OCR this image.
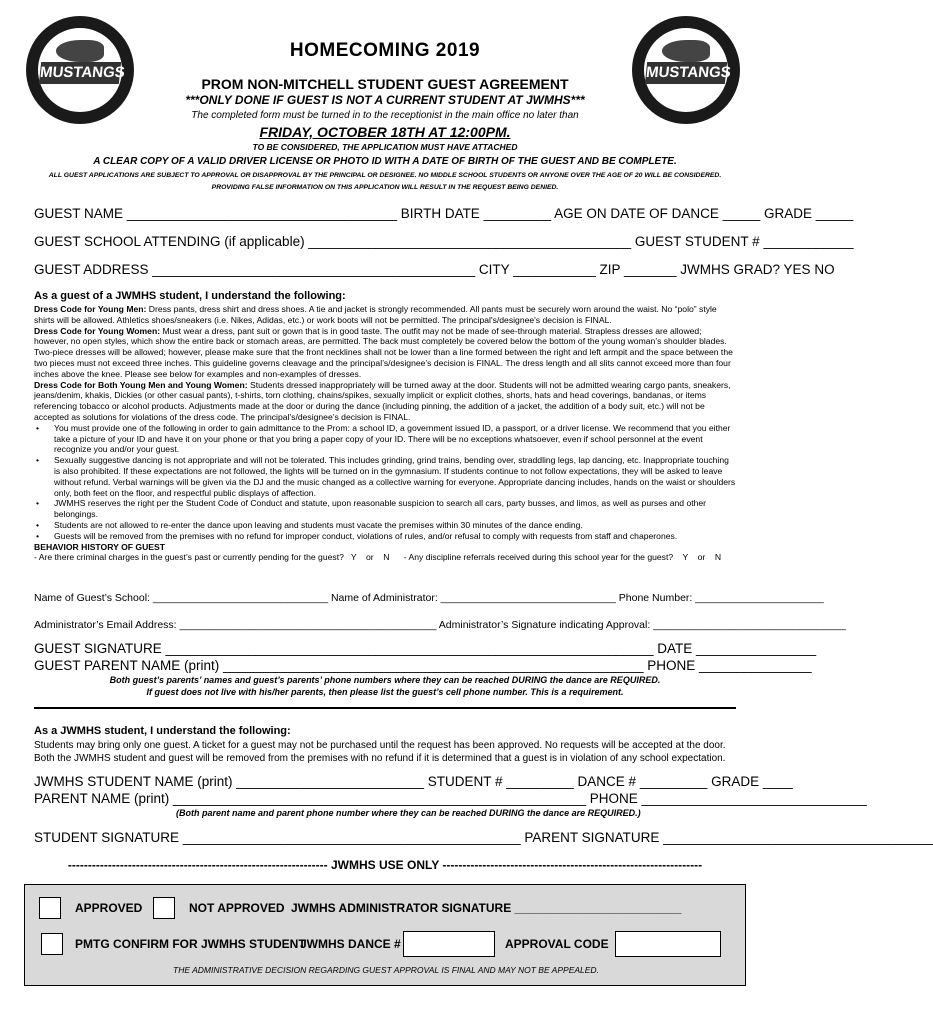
MUSTANGS	MUSTANGS
HOMECOMING 2019
PROM NON-MITCHELL STUDENT GUEST AGREEMENT
***ONLY DONE IF GUEST IS NOT A CURRENT STUDENT AT JWMHS***
The completed form must be turned in to the receptionist in the main office no later than
FRIDAY, OCTOBER 18TH AT 12:00PM.
TO BE CONSIDERED, THE APPLICATION MUST HAVE ATTACHED
A CLEAR COPY OF A VALID DRIVER LICENSE OR PHOTO ID WITH A DATE OF BIRTH OF THE GUEST AND BE COMPLETE.
ALL GUEST APPLICATIONS ARE SUBJECT TO APPROVAL OR DISAPPROVAL BY THE PRINCIPAL OR DESIGNEE. NO MIDDLE SCHOOL STUDENTS OR ANYONE OVER THE AGE OF 20 WILL BE CONSIDERED.
PROVIDING FALSE INFORMATION ON THIS APPLICATION WILL RESULT IN THE REQUEST BEING DENIED.
GUEST NAME ____________________________________ BIRTH DATE _________ AGE ON DATE OF DANCE _____ GRADE _____
GUEST SCHOOL ATTENDING (if applicable) ___________________________________________ GUEST STUDENT # ____________
GUEST ADDRESS ___________________________________________ CITY ___________ ZIP _______ JWMHS GRAD? YES NO
As a guest of a JWMHS student, I understand the following:
Dress Code for Young Men: Dress pants, dress shirt and dress shoes. A tie and jacket is strongly recommended. All pants must be securely worn around the waist. No “polo” style shirts will be allowed. Athletics shoes/sneakers (i.e. Nikes, Adidas, etc.) or work boots will not be permitted. The principal's/designee's decision is FINAL.
Dress Code for Young Women: Must wear a dress, pant suit or gown that is in good taste. The outfit may not be made of see-through material. Strapless dresses are allowed; however, no open styles, which show the entire back or stomach areas, are permitted. The back must completely be covered below the bottom of the young woman’s shoulder blades. Two-piece dresses will be allowed; however, please make sure that the front necklines shall not be lower than a line formed between the right and left armpit and the space between the two pieces must not exceed three inches. This guideline governs cleavage and the principal’s/designee’s decision is FINAL. The dress length and all slits cannot exceed more than four inches above the knee. Please see below for examples and non-examples of dresses.
Dress Code for Both Young Men and Young Women: Students dressed inappropriately will be turned away at the door. Students will not be admitted wearing cargo pants, sneakers, jeans/denim, khakis, Dickies (or other casual pants), t-shirts, torn clothing, chains/spikes, sexually implicit or explicit clothes, shorts, hats and head coverings, bandanas, or items referencing tobacco or alcohol products. Adjustments made at the door or during the dance (including pinning, the addition of a jacket, the addition of a body suit, etc.) will not be accepted as solutions for violations of the dress code. The principal’s/designee’s decision is FINAL.
• You must provide one of the following in order to gain admittance to the Prom: a school ID, a government issued ID, a passport, or a driver license. We recommend that you either take a picture of your ID and have it on your phone or that you bring a paper copy of your ID. There will be no exceptions whatsoever, even if school personnel at the event recognize you and/or your guest.
• Sexually suggestive dancing is not appropriate and will not be tolerated. This includes grinding, grind trains, bending over, straddling legs, lap dancing, etc. Inappropriate touching is also prohibited. If these expectations are not followed, the lights will be turned on in the gymnasium. If students continue to not follow expectations, they will be asked to leave without refund. Verbal warnings will be given via the DJ and the music changed as a collective warning for everyone. Appropriate dancing includes, hands on the waist or shoulders only, both feet on the floor, and respectful public displays of affection.
• JWMHS reserves the right per the Student Code of Conduct and statute, upon reasonable suspicion to search all cars, party busses, and limos, as well as purses and other belongings.
• Students are not allowed to re-enter the dance upon leaving and students must vacate the premises within 30 minutes of the dance ending.
• Guests will be removed from the premises with no refund for improper conduct, violations of rules, and/or refusal to comply with requests from staff and chaperones.
BEHAVIOR HISTORY OF GUEST
- Are there criminal charges in the guest’s past or currently pending for the guest?   Y    or    N      - Any discipline referrals received during this school year for the guest?    Y    or    N
Name of Guest’s School: ______________________________ Name of Administrator: ______________________________ Phone Number: ______________________
Administrator’s Email Address: ____________________________________________ Administrator’s Signature indicating Approval: _________________________________
GUEST SIGNATURE _________________________________________________________________ DATE ________________
GUEST PARENT NAME (print) ________________________________________________________ PHONE _______________
Both guest’s parents’ names and guest’s parents’ phone numbers where they can be reached DURING the dance are REQUIRED.
If guest does not live with his/her parents, then please list the guest’s cell phone number. This is a requirement.
As a JWMHS student, I understand the following:
Students may bring only one guest. A ticket for a guest may not be purchased until the request has been approved. No requests will be accepted at the door. Both the JWMHS student and guest will be removed from the premises with no refund if it is determined that a guest is in violation of any school expectation.
JWMHS STUDENT NAME (print) _________________________ STUDENT # _________ DANCE # _________ GRADE ____
PARENT NAME (print) _______________________________________________________ PHONE ______________________________
(Both parent name and parent phone number where they can be reached DURING the dance are REQUIRED.)
STUDENT SIGNATURE _____________________________________________ PARENT SIGNATURE ____________________________________
----------------------------------------------------------------- JWMHS USE ONLY -----------------------------------------------------------------
APPROVED	NOT APPROVED JWMHS ADMINISTRATOR SIGNATURE _________________________
PMTG CONFIRM FOR JWMHS STUDENT
JWMHS DANCE #	APPROVAL CODE
THE ADMINISTRATIVE DECISION REGARDING GUEST APPROVAL IS FINAL AND MAY NOT BE APPEALED.
